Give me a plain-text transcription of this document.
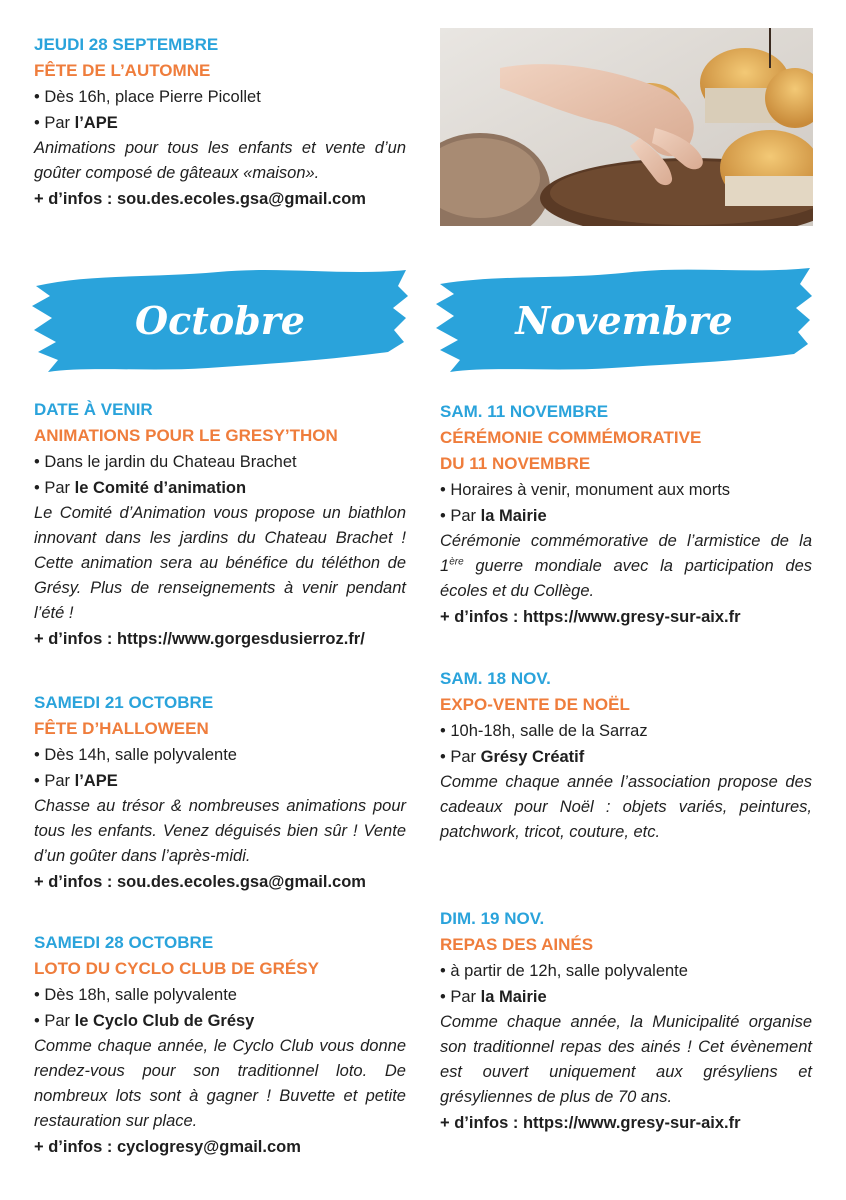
JEUDI 28 SEPTEMBRE
FÊTE DE L’AUTOMNE
• Dès 16h, place Pierre Picollet
• Par l’APE
Animations pour tous les enfants et vente d’un goûter composé de gâteaux «maison».
+ d’infos : sou.des.ecoles.gsa@gmail.com
Octobre	Novembre
DATE À VENIR
ANIMATIONS POUR LE GRESY’THON
• Dans le jardin du Chateau Brachet
• Par le Comité d’animation
Le Comité d’Animation vous propose un biathlon innovant dans les jardins du Chateau Brachet ! Cette animation sera au bénéfice du téléthon de Grésy. Plus de renseignements à venir pendant l’été !
+ d’infos : https://www.gorgesdusierroz.fr/
SAMEDI 21 OCTOBRE
FÊTE D’HALLOWEEN
• Dès 14h, salle polyvalente
• Par l’APE
Chasse au trésor & nombreuses animations pour tous les enfants. Venez déguisés bien sûr ! Vente d’un goûter dans l’après-midi.
+ d’infos : sou.des.ecoles.gsa@gmail.com
SAMEDI 28 OCTOBRE
LOTO DU CYCLO CLUB DE GRÉSY
• Dès 18h, salle polyvalente
• Par le Cyclo Club de Grésy
Comme chaque année, le Cyclo Club vous donne rendez-vous pour son traditionnel loto. De nombreux lots sont à gagner ! Buvette et petite restauration sur place.
+ d’infos : cyclogresy@gmail.com
SAM. 11 NOVEMBRE
CÉRÉMONIE COMMÉMORATIVE
DU 11 NOVEMBRE
• Horaires à venir, monument aux morts
• Par la Mairie
Cérémonie commémorative de l’armistice de la 1ère guerre mondiale avec la participation des écoles et du Collège.
+ d’infos : https://www.gresy-sur-aix.fr
SAM. 18 NOV.
EXPO-VENTE DE NOËL
• 10h-18h, salle de la Sarraz
• Par Grésy Créatif
Comme chaque année l’association propose des cadeaux pour Noël : objets variés, peintures, patchwork, tricot, couture, etc.
DIM. 19 NOV.
REPAS DES AINÉS
• à partir de 12h, salle polyvalente
• Par la Mairie
Comme chaque année, la Municipalité organise son traditionnel repas des ainés ! Cet évènement est ouvert uniquement aux grésyliens et grésyliennes de plus de 70 ans.
+ d’infos : https://www.gresy-sur-aix.fr
